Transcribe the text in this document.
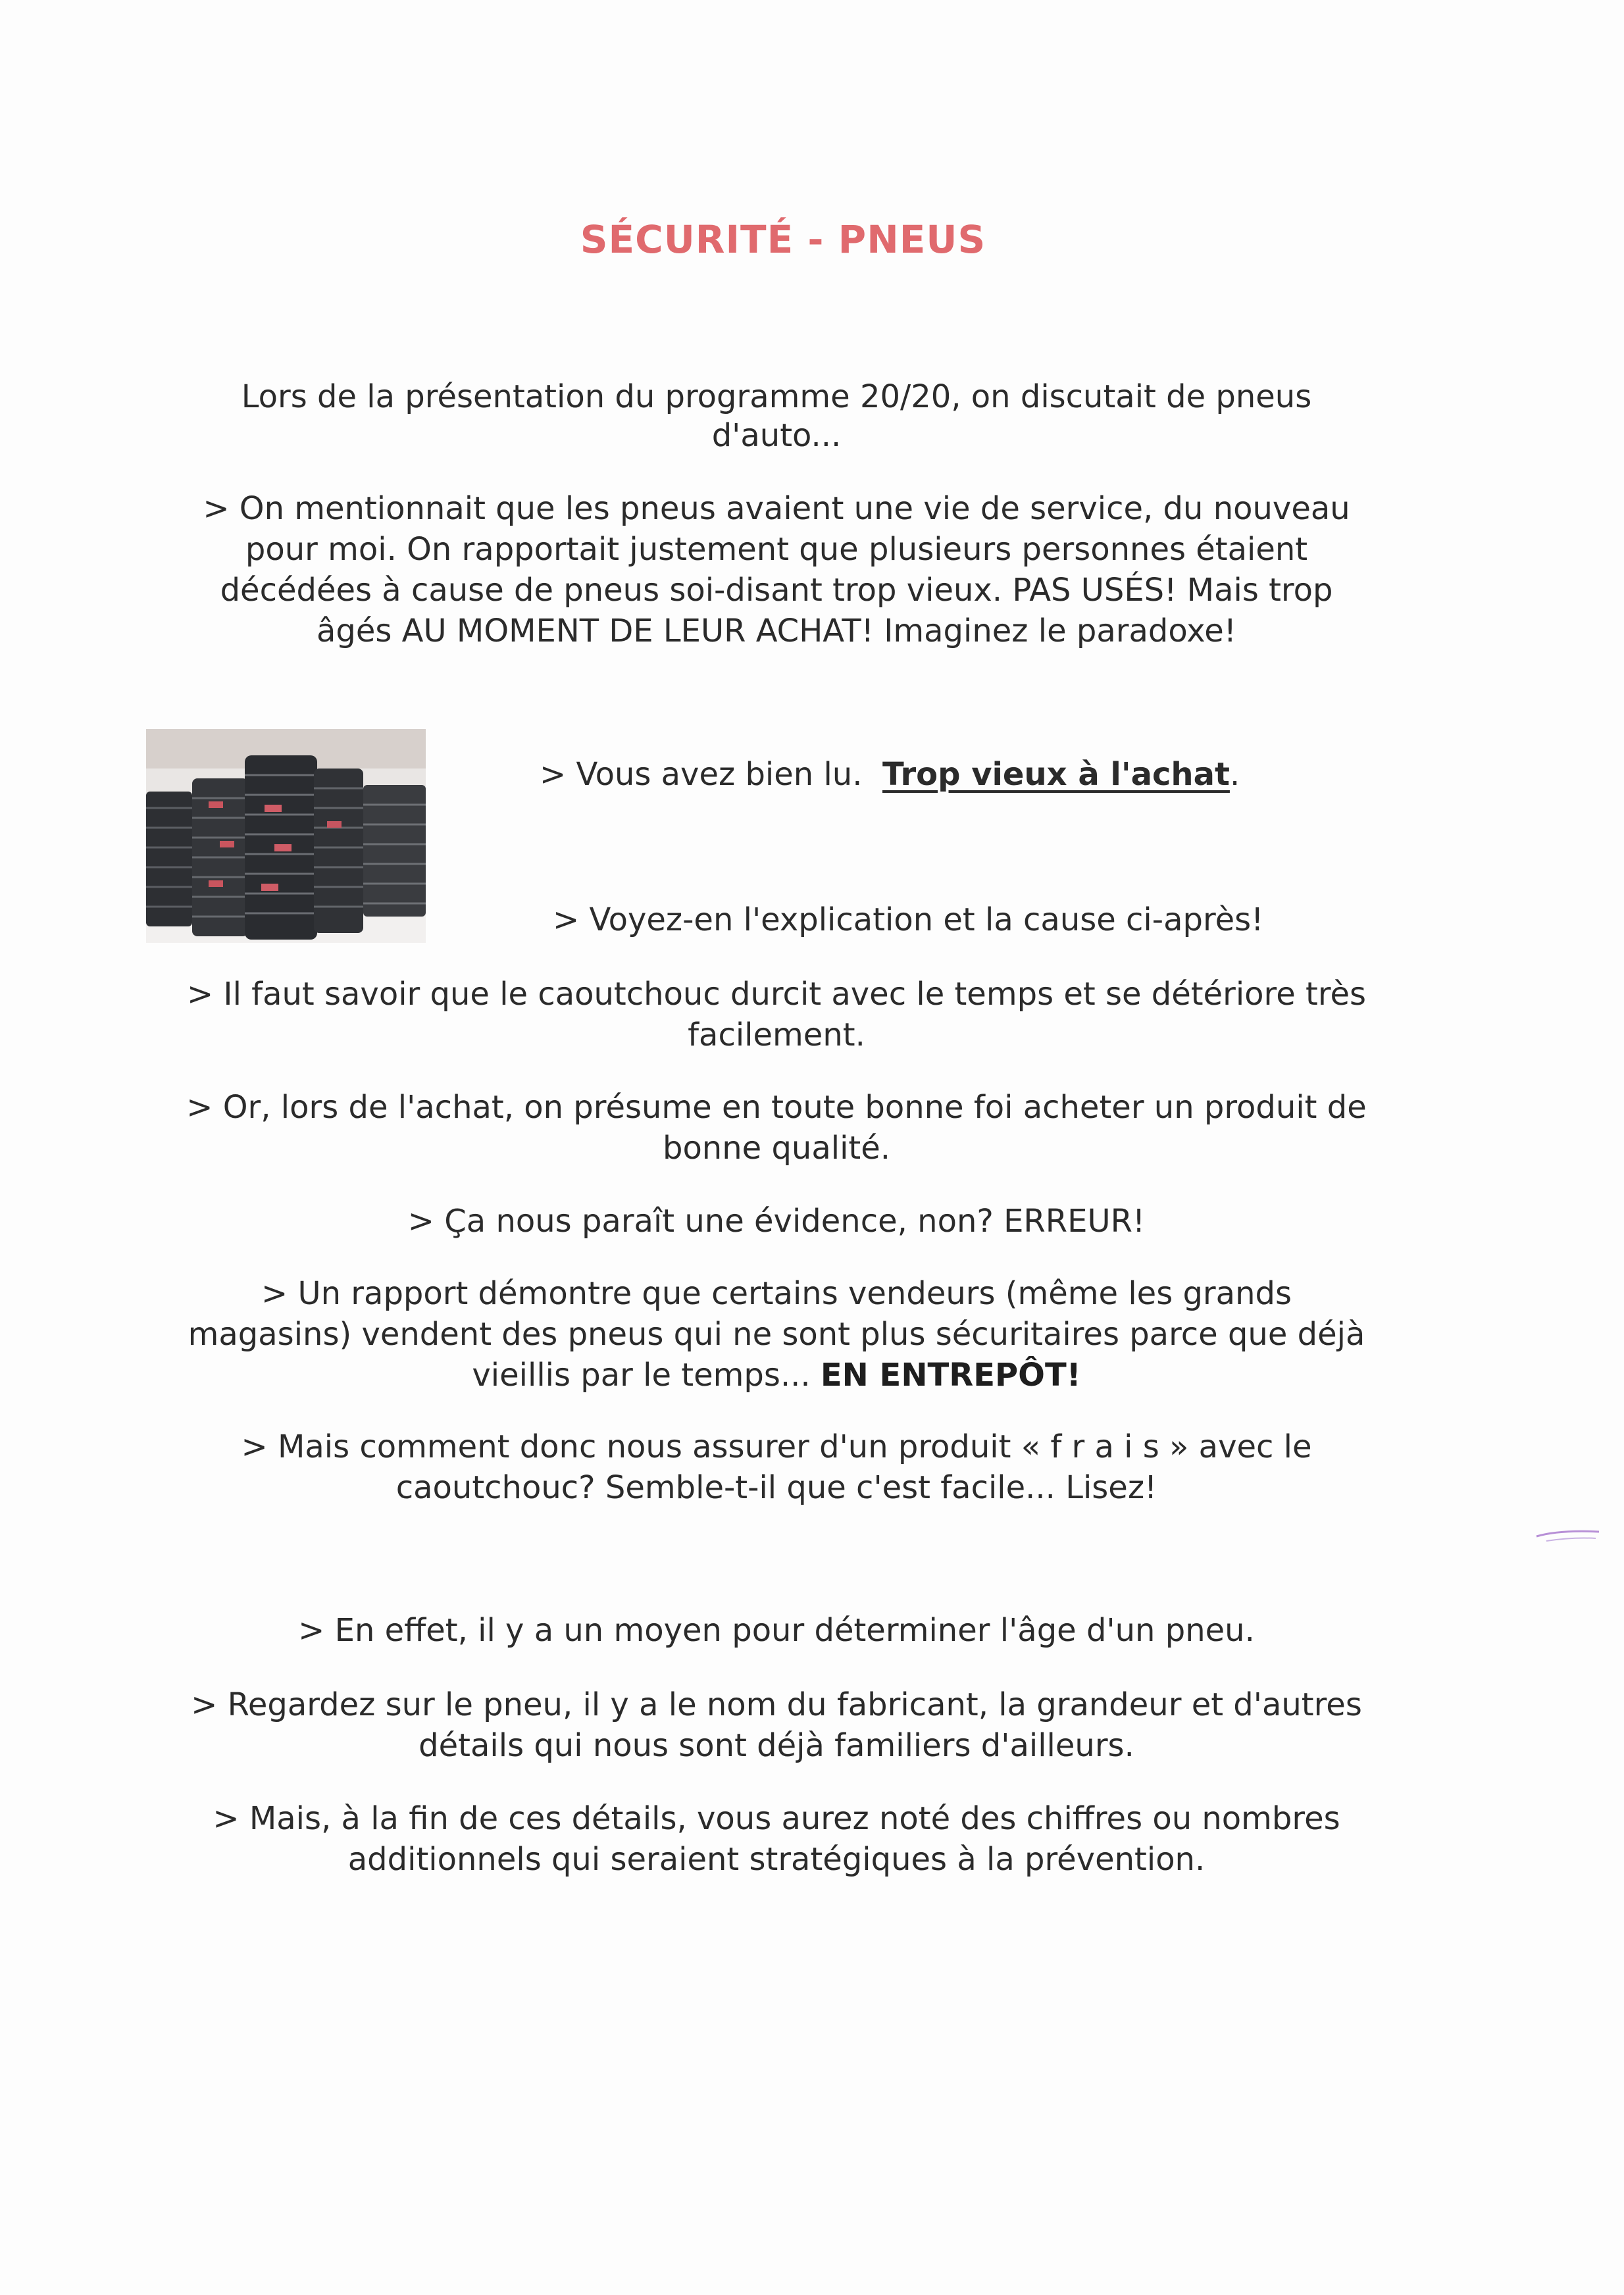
SÉCURITÉ - PNEUS
Lors de la présentation du programme 20/20, on discutait de pneus
d'auto...
> On mentionnait que les pneus avaient une vie de service, du nouveau
pour moi. On rapportait justement que plusieurs personnes étaient
décédées à cause de pneus soi-disant trop vieux. PAS USÉS! Mais trop
âgés AU MOMENT DE LEUR ACHAT! Imaginez le paradoxe!
> Vous avez bien lu.  Trop vieux à l'achat.
> Voyez-en l'explication et la cause ci-après!
> Il faut savoir que le caoutchouc durcit avec le temps et se détériore très
facilement.
> Or, lors de l'achat, on présume en toute bonne foi acheter un produit de
bonne qualité.
> Ça nous paraît une évidence, non? ERREUR!
> Un rapport démontre que certains vendeurs (même les grands
magasins) vendent des pneus qui ne sont plus sécuritaires parce que déjà
vieillis par le temps... EN ENTREPÔT!
> Mais comment donc nous assurer d'un produit « f r a i s » avec le
caoutchouc? Semble-t-il que c'est facile... Lisez!
> En effet, il y a un moyen pour déterminer l'âge d'un pneu.
> Regardez sur le pneu, il y a le nom du fabricant, la grandeur et d'autres
détails qui nous sont déjà familiers d'ailleurs.
> Mais, à la fin de ces détails, vous aurez noté des chiffres ou nombres
additionnels qui seraient stratégiques à la prévention.
